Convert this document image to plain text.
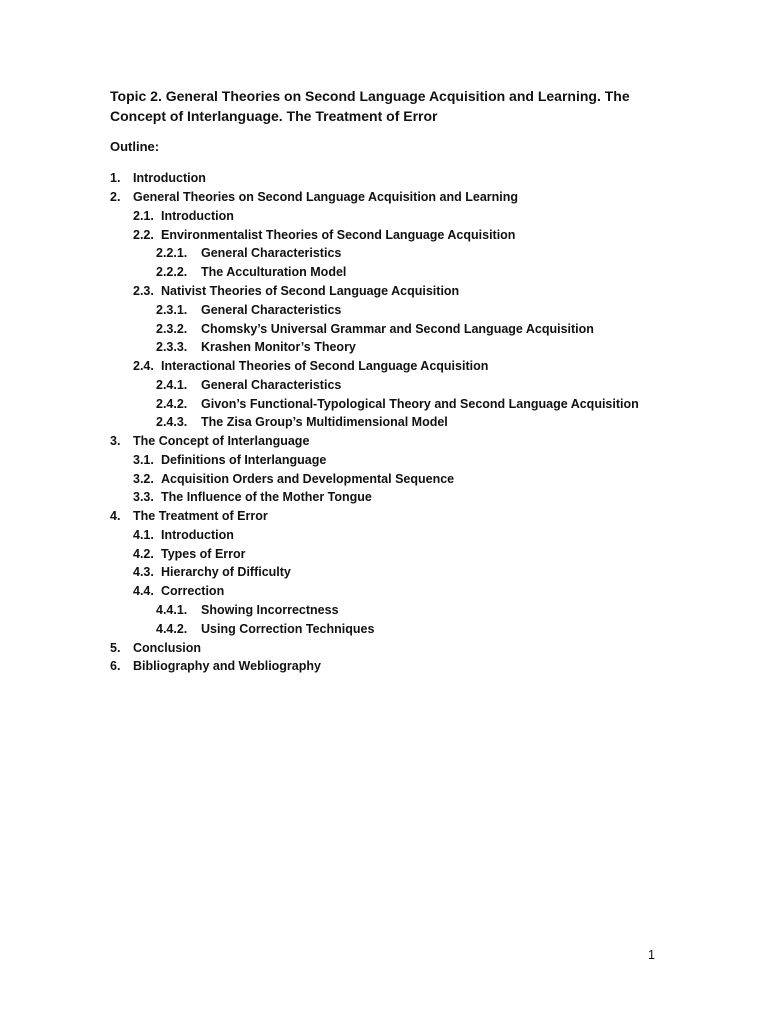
Topic 2. General Theories on Second Language Acquisition and Learning. The Concept of Interlanguage. The Treatment of Error

Outline:

1.	Introduction
2.	General Theories on Second Language Acquisition and Learning
2.1. Introduction
2.2. Environmentalist Theories of Second Language Acquisition
2.2.1.	General Characteristics
2.2.2.	The Acculturation Model
2.3. Nativist Theories of Second Language Acquisition
2.3.1.	General Characteristics
2.3.2.	Chomsky’s Universal Grammar and Second Language Acquisition
2.3.3.	Krashen Monitor’s Theory
2.4. Interactional Theories of Second Language Acquisition
2.4.1.	General Characteristics
2.4.2.	Givon’s Functional-Typological Theory and Second Language Acquisition
2.4.3.	The Zisa Group’s Multidimensional Model
3.	The Concept of Interlanguage
3.1. Definitions of Interlanguage
3.2. Acquisition Orders and Developmental Sequence
3.3. The Influence of the Mother Tongue
4.	The Treatment of Error
4.1. Introduction
4.2. Types of Error
4.3. Hierarchy of Difficulty
4.4. Correction
4.4.1.	Showing Incorrectness
4.4.2.	Using Correction Techniques
5.	Conclusion
6.	Bibliography and Webliography

1
